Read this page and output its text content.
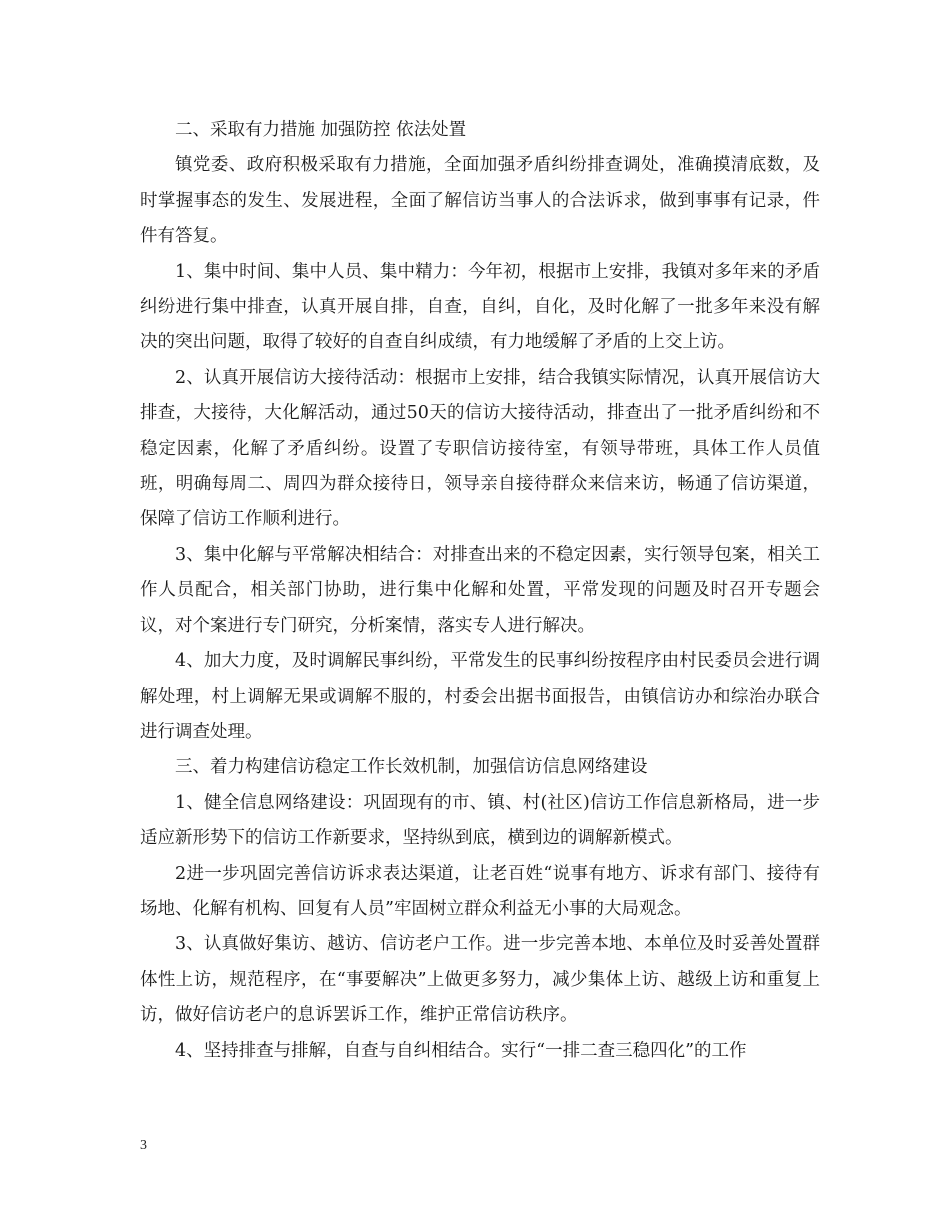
二、采取有力措施 加强防控 依法处置

镇党委、政府积极采取有力措施，全面加强矛盾纠纷排查调处，准确摸清底数，及时掌握事态的发生、发展进程，全面了解信访当事人的合法诉求，做到事事有记录，件件有答复。

1、集中时间、集中人员、集中精力：今年初，根据市上安排，我镇对多年来的矛盾纠纷进行集中排查，认真开展自排，自查，自纠，自化，及时化解了一批多年来没有解决的突出问题，取得了较好的自查自纠成绩，有力地缓解了矛盾的上交上访。

2、认真开展信访大接待活动：根据市上安排，结合我镇实际情况，认真开展信访大排查，大接待，大化解活动，通过50天的信访大接待活动，排查出了一批矛盾纠纷和不稳定因素，化解了矛盾纠纷。设置了专职信访接待室，有领导带班，具体工作人员值班，明确每周二、周四为群众接待日，领导亲自接待群众来信来访，畅通了信访渠道，保障了信访工作顺利进行。

3、集中化解与平常解决相结合：对排查出来的不稳定因素，实行领导包案，相关工作人员配合，相关部门协助，进行集中化解和处置，平常发现的问题及时召开专题会议，对个案进行专门研究，分析案情，落实专人进行解决。

4、加大力度，及时调解民事纠纷，平常发生的民事纠纷按程序由村民委员会进行调解处理，村上调解无果或调解不服的，村委会出据书面报告，由镇信访办和综治办联合进行调查处理。

三、着力构建信访稳定工作长效机制，加强信访信息网络建设

1、健全信息网络建设：巩固现有的市、镇、村(社区)信访工作信息新格局，进一步适应新形势下的信访工作新要求，坚持纵到底，横到边的调解新模式。

2进一步巩固完善信访诉求表达渠道，让老百姓“说事有地方、诉求有部门、接待有场地、化解有机构、回复有人员”牢固树立群众利益无小事的大局观念。

3、认真做好集访、越访、信访老户工作。进一步完善本地、本单位及时妥善处置群体性上访，规范程序，在“事要解决”上做更多努力，减少集体上访、越级上访和重复上访，做好信访老户的息诉罢诉工作，维护正常信访秩序。

4、坚持排查与排解，自查与自纠相结合。实行“一排二查三稳四化”的工作

3
